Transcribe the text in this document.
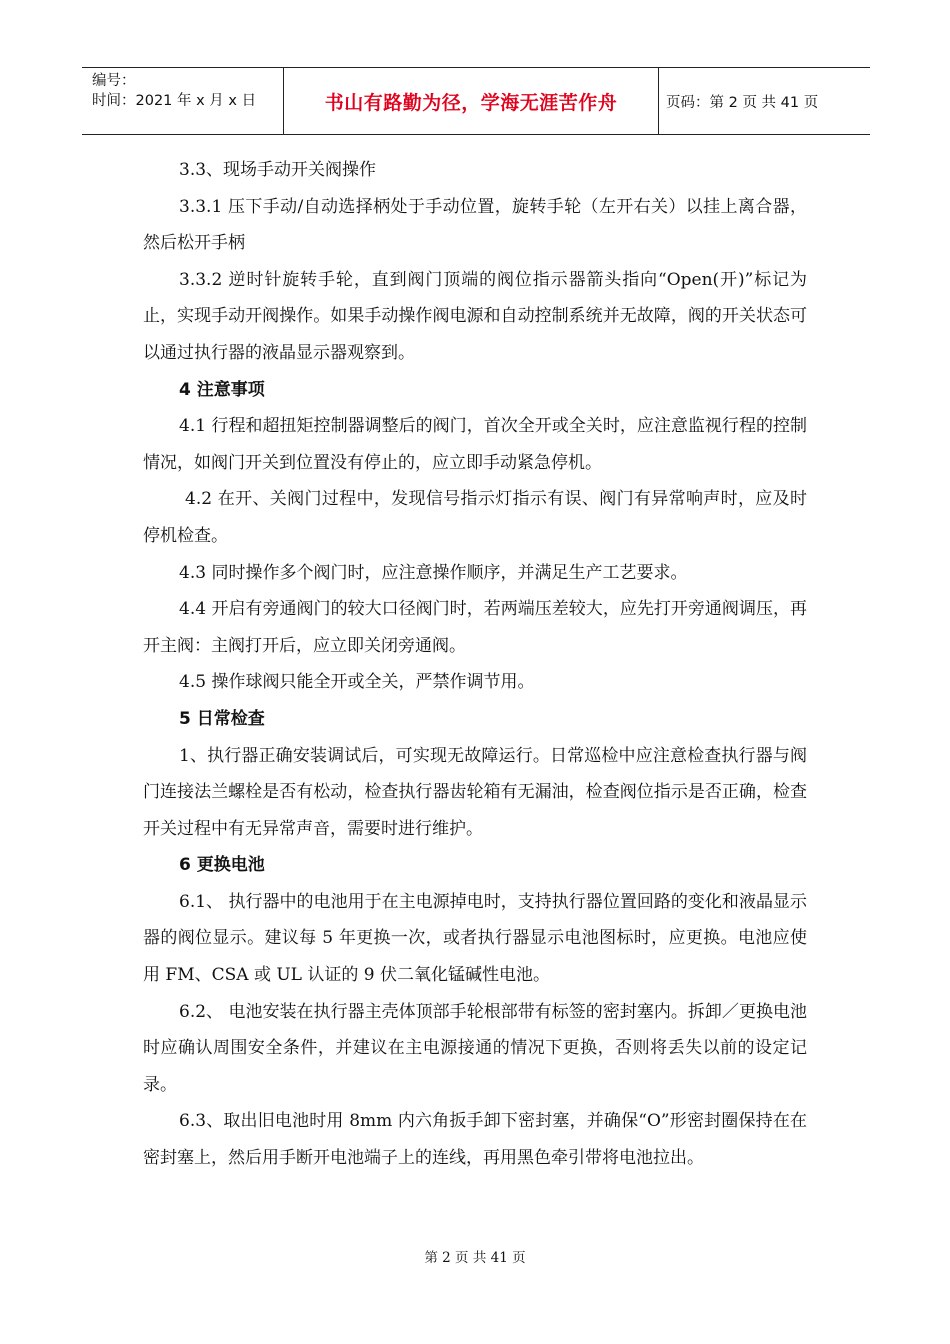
编号：
时间：2021 年 x 月 x 日	书山有路勤为径，学海无涯苦作舟	页码：第 2 页 共 41 页

3.3、现场手动开关阀操作

3.3.1 压下手动/自动选择柄处于手动位置，旋转手轮（左开右关）以挂上离合器，然后松开手柄

3.3.2 逆时针旋转手轮，直到阀门顶端的阀位指示器箭头指向“Open(开)”标记为止，实现手动开阀操作。如果手动操作阀电源和自动控制系统并无故障，阀的开关状态可以通过执行器的液晶显示器观察到。

4 注意事项

4.1 行程和超扭矩控制器调整后的阀门，首次全开或全关时，应注意监视行程的控制情况，如阀门开关到位置没有停止的，应立即手动紧急停机。

4.2 在开、关阀门过程中，发现信号指示灯指示有误、阀门有异常响声时，应及时停机检查。

4.3 同时操作多个阀门时，应注意操作顺序，并满足生产工艺要求。

4.4 开启有旁通阀门的较大口径阀门时，若两端压差较大，应先打开旁通阀调压，再开主阀：主阀打开后，应立即关闭旁通阀。

4.5 操作球阀只能全开或全关，严禁作调节用。

5 日常检查

1、执行器正确安装调试后，可实现无故障运行。日常巡检中应注意检查执行器与阀门连接法兰螺栓是否有松动，检查执行器齿轮箱有无漏油，检查阀位指示是否正确，检查开关过程中有无异常声音，需要时进行维护。

6 更换电池

6.1、 执行器中的电池用于在主电源掉电时，支持执行器位置回路的变化和液晶显示器的阀位显示。建议每 5 年更换一次，或者执行器显示电池图标时，应更换。电池应使用 FM、CSA 或 UL 认证的 9 伏二氧化锰碱性电池。

6.2、 电池安装在执行器主壳体顶部手轮根部带有标签的密封塞内。拆卸／更换电池时应确认周围安全条件，并建议在主电源接通的情况下更换，否则将丢失以前的设定记录。

6.3、取出旧电池时用 8mm 内六角扳手卸下密封塞，并确保“O”形密封圈保持在在密封塞上，然后用手断开电池端子上的连线，再用黑色牵引带将电池拉出。

第 2 页 共 41 页
